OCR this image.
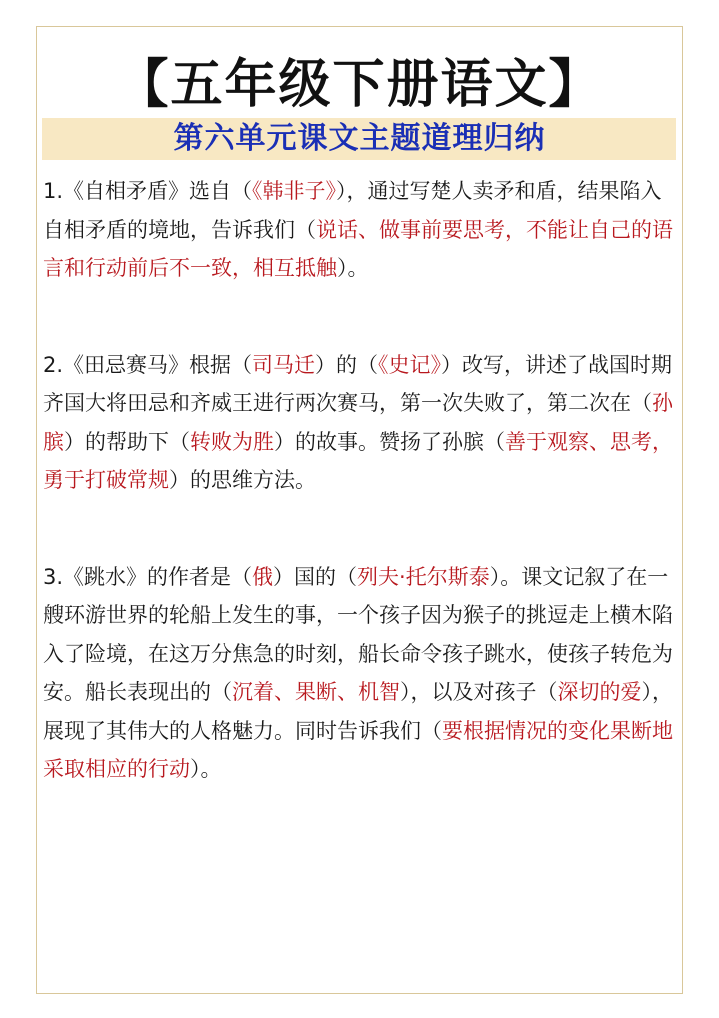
【五年级下册语文】
第六单元课文主题道理归纳

1.《自相矛盾》选自（《韩非子》），通过写楚人卖矛和盾，结果陷入自相矛盾的境地，告诉我们（说话、做事前要思考，不能让自己的语言和行动前后不一致，相互抵触）。

2.《田忌赛马》根据（司马迁）的（《史记》）改写，讲述了战国时期齐国大将田忌和齐威王进行两次赛马，第一次失败了，第二次在（孙膑）的帮助下（转败为胜）的故事。赞扬了孙膑（善于观察、思考，勇于打破常规）的思维方法。

3.《跳水》的作者是（俄）国的（列夫·托尔斯泰）。课文记叙了在一艘环游世界的轮船上发生的事，一个孩子因为猴子的挑逗走上横木陷入了险境，在这万分焦急的时刻，船长命令孩子跳水，使孩子转危为安。船长表现出的（沉着、果断、机智），以及对孩子（深切的爱），展现了其伟大的人格魅力。同时告诉我们（要根据情况的变化果断地采取相应的行动）。
